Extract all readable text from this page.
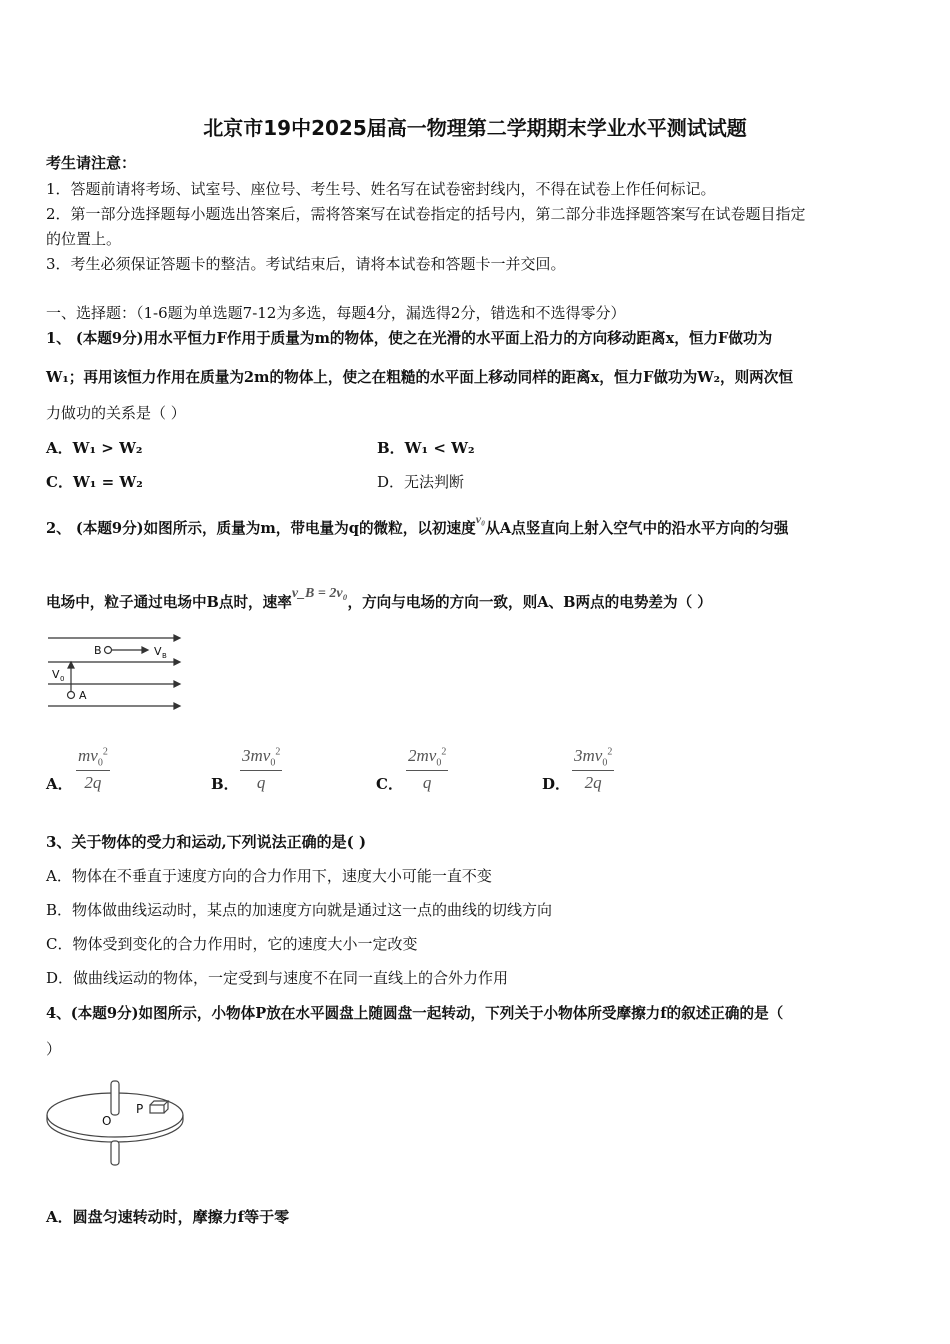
北京市19中2025届高一物理第二学期期末学业水平测试试题
考生请注意：
1．答题前请将考场、试室号、座位号、考生号、姓名写在试卷密封线内，不得在试卷上作任何标记。
2．第一部分选择题每小题选出答案后，需将答案写在试卷指定的括号内，第二部分非选择题答案写在试卷题目指定
的位置上。
3．考生必须保证答题卡的整洁。考试结束后，请将本试卷和答题卡一并交回。
一、选择题：（1-6题为单选题7-12为多选，每题4分，漏选得2分，错选和不选得零分）
1、 (本题9分)用水平恒力F作用于质量为m的物体，使之在光滑的水平面上沿力的方向移动距离x，恒力F做功为
W₁；再用该恒力作用在质量为2m的物体上，使之在粗糙的水平面上移动同样的距离x，恒力F做功为W₂，则两次恒
力做功的关系是（ ）
A．W₁ > W₂	B．W₁ < W₂
C．W₁ = W₂	D．无法判断
2、 (本题9分)如图所示，质量为m，带电量为q的微粒，以初速度$^{v_0}$从A点竖直向上射入空气中的沿水平方向的匀强
电场中，粒子通过电场中B点时，速率v_B = 2v₀，方向与电场的方向一致，则A、B两点的电势差为（ ）
B	V B
V 0
A
A． $\frac{mv_0^2}{2q}$	B． $\frac{3mv_0^2}{q}$	C． $\frac{2mv_0^2}{q}$	D． $\frac{3mv_0^2}{2q}$
3、关于物体的受力和运动,下列说法正确的是( )
A．物体在不垂直于速度方向的合力作用下，速度大小可能一直不变
B．物体做曲线运动时，某点的加速度方向就是通过这一点的曲线的切线方向
C．物体受到变化的合力作用时，它的速度大小一定改变
D．做曲线运动的物体，一定受到与速度不在同一直线上的合外力作用
4、(本题9分)如图所示，小物体P放在水平圆盘上随圆盘一起转动，下列关于小物体所受摩擦力f的叙述正确的是（
）
P
O
A．圆盘匀速转动时，摩擦力f等于零
